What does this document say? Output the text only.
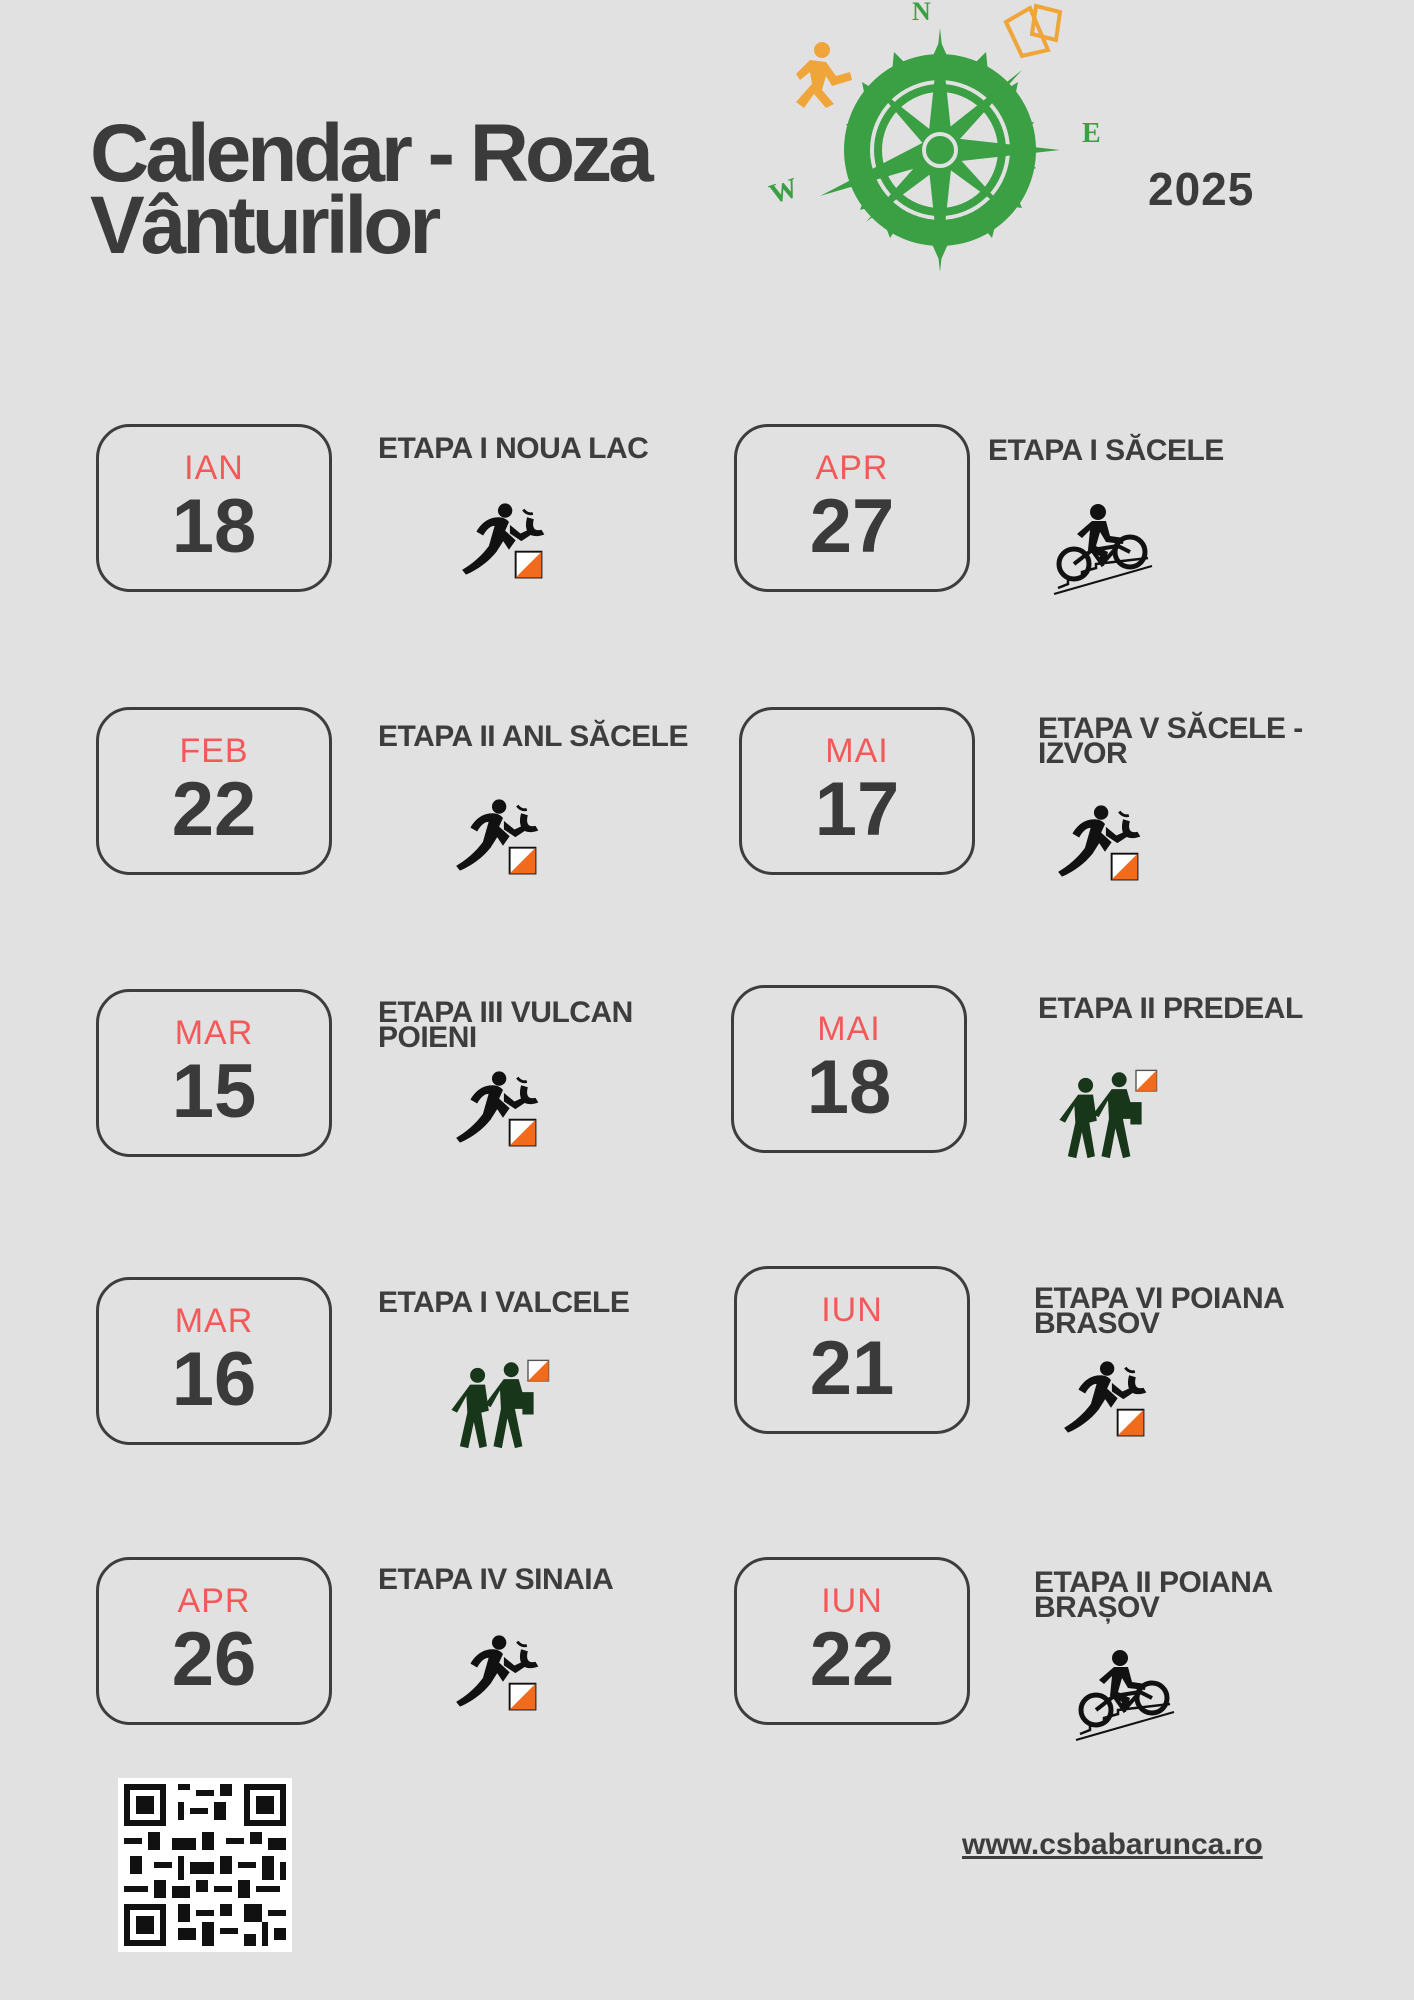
Calendar - Roza
Vânturilor
N
E
W	2025
IAN
18
ETAPA I NOUA LAC
FEB
22
ETAPA II ANL SĂCELE
MAR
15
ETAPA III VULCAN POIENI
MAR
16
ETAPA I VALCELE
APR
26
ETAPA IV SINAIA
APR
27
ETAPA I SĂCELE
MAI
17
ETAPA V SĂCELE - IZVOR
MAI
18
ETAPA II PREDEAL
IUN
21
ETAPA VI POIANA BRASOV
IUN
22
ETAPA II POIANA BRAȘOV
www.csbabarunca.ro
